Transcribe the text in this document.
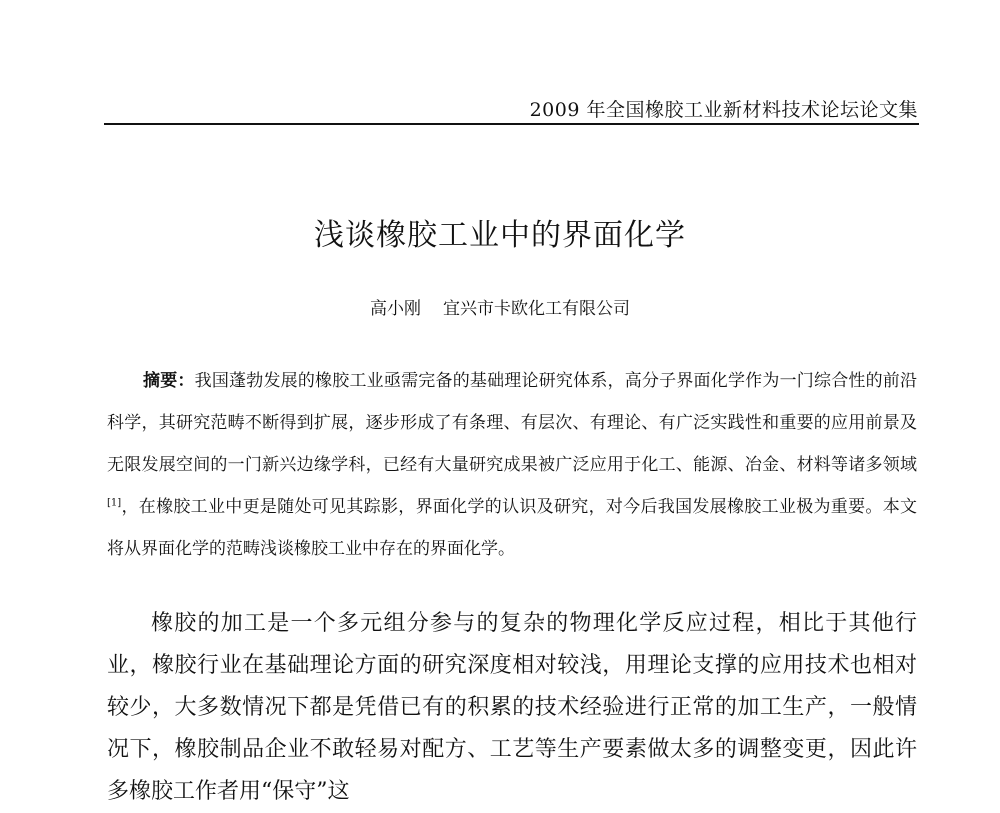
2009 年全国橡胶工业新材料技术论坛论文集
浅谈橡胶工业中的界面化学
高小刚 宜兴市卡欧化工有限公司
摘要：我国蓬勃发展的橡胶工业亟需完备的基础理论研究体系，高分子界面化学作为一门综合性的前沿科学，其研究范畴不断得到扩展，逐步形成了有条理、有层次、有理论、有广泛实践性和重要的应用前景及无限发展空间的一门新兴边缘学科，已经有大量研究成果被广泛应用于化工、能源、冶金、材料等诸多领域[1]，在橡胶工业中更是随处可见其踪影，界面化学的认识及研究，对今后我国发展橡胶工业极为重要。本文将从界面化学的范畴浅谈橡胶工业中存在的界面化学。
橡胶的加工是一个多元组分参与的复杂的物理化学反应过程，相比于其他行业，橡胶行业在基础理论方面的研究深度相对较浅，用理论支撑的应用技术也相对较少，大多数情况下都是凭借已有的积累的技术经验进行正常的加工生产，一般情况下，橡胶制品企业不敢轻易对配方、工艺等生产要素做太多的调整变更，因此许多橡胶工作者用“保守”这
